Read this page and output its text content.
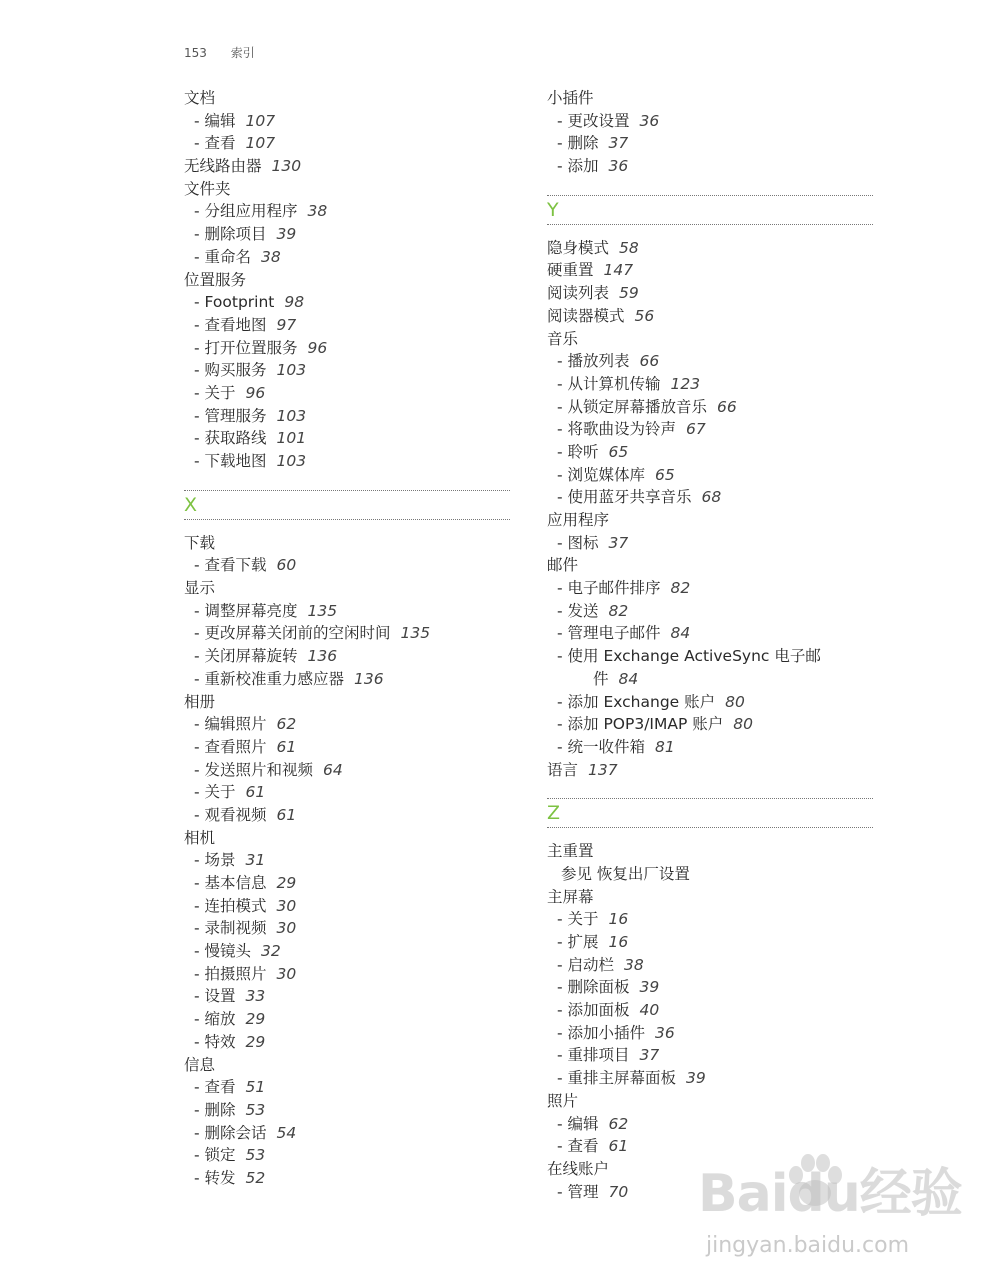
153 索引
文档
- 编辑 107
- 查看 107
无线路由器 130
文件夹
- 分组应用程序 38
- 删除项目 39
- 重命名 38
位置服务
- Footprint 98
- 查看地图 97
- 打开位置服务 96
- 购买服务 103
- 关于 96
- 管理服务 103
- 获取路线 101
- 下载地图 103
X
下载
- 查看下载 60
显示
- 调整屏幕亮度 135
- 更改屏幕关闭前的空闲时间 135
- 关闭屏幕旋转 136
- 重新校准重力感应器 136
相册
- 编辑照片 62
- 查看照片 61
- 发送照片和视频 64
- 关于 61
- 观看视频 61
相机
- 场景 31
- 基本信息 29
- 连拍模式 30
- 录制视频 30
- 慢镜头 32
- 拍摄照片 30
- 设置 33
- 缩放 29
- 特效 29
信息
- 查看 51
- 删除 53
- 删除会话 54
- 锁定 53
- 转发 52
小插件
- 更改设置 36
- 删除 37
- 添加 36
Y
隐身模式 58
硬重置 147
阅读列表 59
阅读器模式 56
音乐
- 播放列表 66
- 从计算机传输 123
- 从锁定屏幕播放音乐 66
- 将歌曲设为铃声 67
- 聆听 65
- 浏览媒体库 65
- 使用蓝牙共享音乐 68
应用程序
- 图标 37
邮件
- 电子邮件排序 82
- 发送 82
- 管理电子邮件 84
- 使用 Exchange ActiveSync 电子邮
件 84
- 添加 Exchange 账户 80
- 添加 POP3/IMAP 账户 80
- 统一收件箱 81
语言 137
Z
主重置
参见 恢复出厂设置
主屏幕
- 关于 16
- 扩展 16
- 启动栏 38
- 删除面板 39
- 添加面板 40
- 添加小插件 36
- 重排项目 37
- 重排主屏幕面板 39
照片
- 编辑 62
- 查看 61
在线账户
- 管理 70	Baidu经验
jingyan.baidu.com
